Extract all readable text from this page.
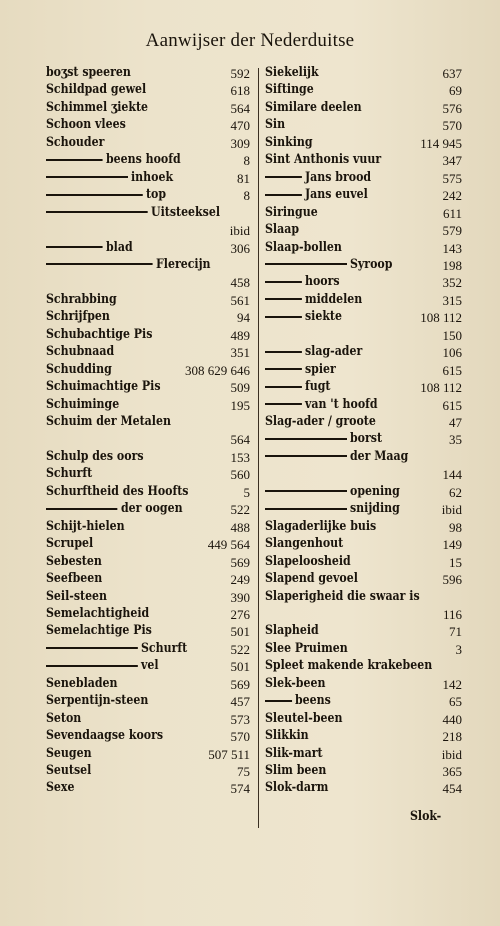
Aanwijser der Nederduitse
boʒst speeren	592
Schildpad gewel	618
Schimmel ʒiekte	564
Schoon vlees	470
Schouder	309
beens hoofd	8
inhoek	81
top	8
Uitsteeksel
ibid
blad	306
Flerecijn
458
Schrabbing	561
Schrijfpen	94
Schubachtige Pis	489
Schubnaad	351
Schudding	308 629 646
Schuimachtige Pis	509
Schuiminge	195
Schuim der Metalen
564
Schulp des oors	153
Schurft	560
Schurftheid des Hoofts	5
der oogen	522
Schijt-hielen	488
Scrupel	449 564
Sebesten	569
Seefbeen	249
Seil-steen	390
Semelachtigheid	276
Semelachtige Pis	501
Schurft	522
vel	501
Senebladen	569
Serpentijn-steen	457
Seton	573
Sevendaagse koors	570
Seugen	507 511
Seutsel	75
Sexe	574
Siekelijk	637
Siftinge	69
Similare deelen	576
Sin	570
Sinking	114 945
Sint Anthonis vuur	347
Jans brood	575
Jans euvel	242
Siringue	611
Slaap	579
Slaap-bollen	143
Syroop	198
hoors	352
middelen	315
siekte	108 112
150
slag-ader	106
spier	615
fugt	108 112
van 't hoofd	615
Slag-ader / groote	47
borst	35
der Maag
144
opening	62
snijding	ibid
Slagaderlijke buis	98
Slangenhout	149
Slapeloosheid	15
Slapend gevoel	596
Slaperigheid die swaar is
116
Slapheid	71
Slee Pruimen	3
Spleet makende krakebeen
Slek-been	142
beens	65
Sleutel-been	440
Slikkin	218
Slik-mart	ibid
Slim been	365
Slok-darm	454
Slok-
